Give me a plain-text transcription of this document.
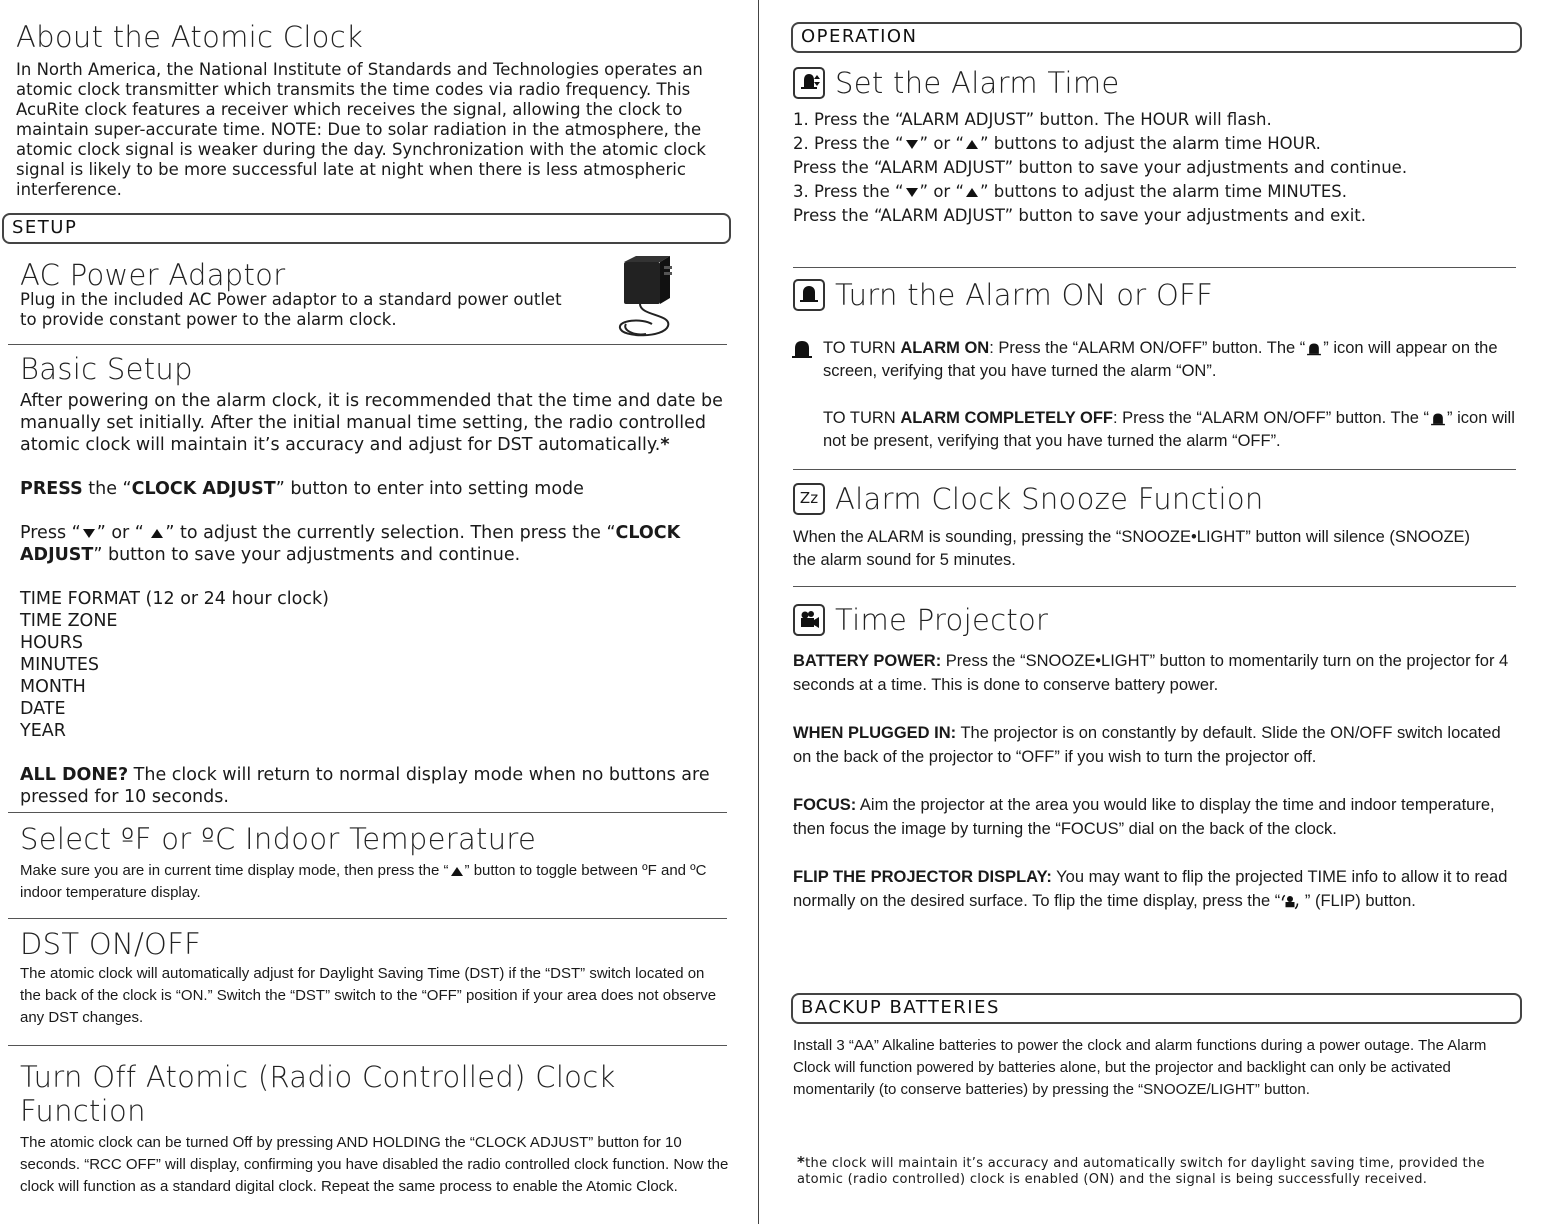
About the Atomic Clock

In North America, the National Institute of Standards and Technologies operates an atomic clock transmitter which transmits the time codes via radio frequency. This AcuRite clock features a receiver which receives the signal, allowing the clock to maintain super-accurate time. NOTE: Due to solar radiation in the atmosphere, the atomic clock signal is weaker during the day. Synchronization with the atomic clock signal is likely to be more successful late at night when there is less atmospheric interference.

SETUP
AC Power Adaptor

Plug in the included AC Power adaptor to a standard power outlet to provide constant power to the alarm clock.

Basic Setup

After powering on the alarm clock, it is recommended that the time and date be manually set initially. After the initial manual time setting, the radio controlled atomic clock will maintain it’s accuracy and adjust for DST automatically.*

PRESS the “CLOCK ADJUST” button to enter into setting mode

Press “ ” or “ ” to adjust the currently selection. Then press the “CLOCK ADJUST” button to save your adjustments and continue.

TIME FORMAT (12 or 24 hour clock)
TIME ZONE
HOURS
MINUTES
MONTH
DATE
YEAR

ALL DONE? The clock will return to normal display mode when no buttons are pressed for 10 seconds.

Select ºF or ºC Indoor Temperature

Make sure you are in current time display mode, then press the “ ” button to toggle between ºF and ºC indoor temperature display.

DST ON/OFF

The atomic clock will automatically adjust for Daylight Saving Time (DST) if the “DST” switch located on the back of the clock is “ON.” Switch the “DST” switch to the “OFF” position if your area does not observe any DST changes.

Turn Off Atomic (Radio Controlled) Clock Function

The atomic clock can be turned Off by pressing AND HOLDING the “CLOCK ADJUST” button for 10 seconds. “RCC OFF” will display, confirming you have disabled the radio controlled clock function. Now the clock will function as a standard digital clock. Repeat the same process to enable the Atomic Clock.

OPERATION
Set the Alarm Time
1. Press the “ALARM ADJUST” button. The HOUR will flash.
2. Press the “ ” or “ ” buttons to adjust the alarm time HOUR.
Press the “ALARM ADJUST” button to save your adjustments and continue.
3. Press the “ ” or “ ” buttons to adjust the alarm time MINUTES.
Press the “ALARM ADJUST” button to save your adjustments and exit.
Turn the Alarm ON or OFF

TO TURN ALARM ON: Press the “ALARM ON/OFF” button. The “ ” icon will appear on the screen, verifying that you have turned the alarm “ON”.

TO TURN ALARM COMPLETELY OFF: Press the “ALARM ON/OFF” button. The “ ” icon will not be present, verifying that you have turned the alarm “OFF”.

Zz Alarm Clock Snooze Function

When the ALARM is sounding, pressing the “SNOOZE•LIGHT” button will silence (SNOOZE) the alarm sound for 5 minutes.

Time Projector

BATTERY POWER: Press the “SNOOZE•LIGHT” button to momentarily turn on the projector for 4 seconds at a time. This is done to conserve battery power.

WHEN PLUGGED IN: The projector is on constantly by default. Slide the ON/OFF switch located on the back of the projector to “OFF” if you wish to turn the projector off.

FOCUS: Aim the projector at the area you would like to display the time and indoor temperature, then focus the image by turning the “FOCUS” dial on the back of the clock.

FLIP THE PROJECTOR DISPLAY: You may want to flip the projected TIME info to allow it to read normally on the desired surface. To flip the time display, press the “ ” (FLIP) button.

BACKUP BATTERIES

Install 3 “AA” Alkaline batteries to power the clock and alarm functions during a power outage. The Alarm Clock will function powered by batteries alone, but the projector and backlight can only be activated momentarily (to conserve batteries) by pressing the “SNOOZE/LIGHT” button.

*the clock will maintain it’s accuracy and automatically switch for daylight saving time, provided the atomic (radio controlled) clock is enabled (ON) and the signal is being successfully received.
